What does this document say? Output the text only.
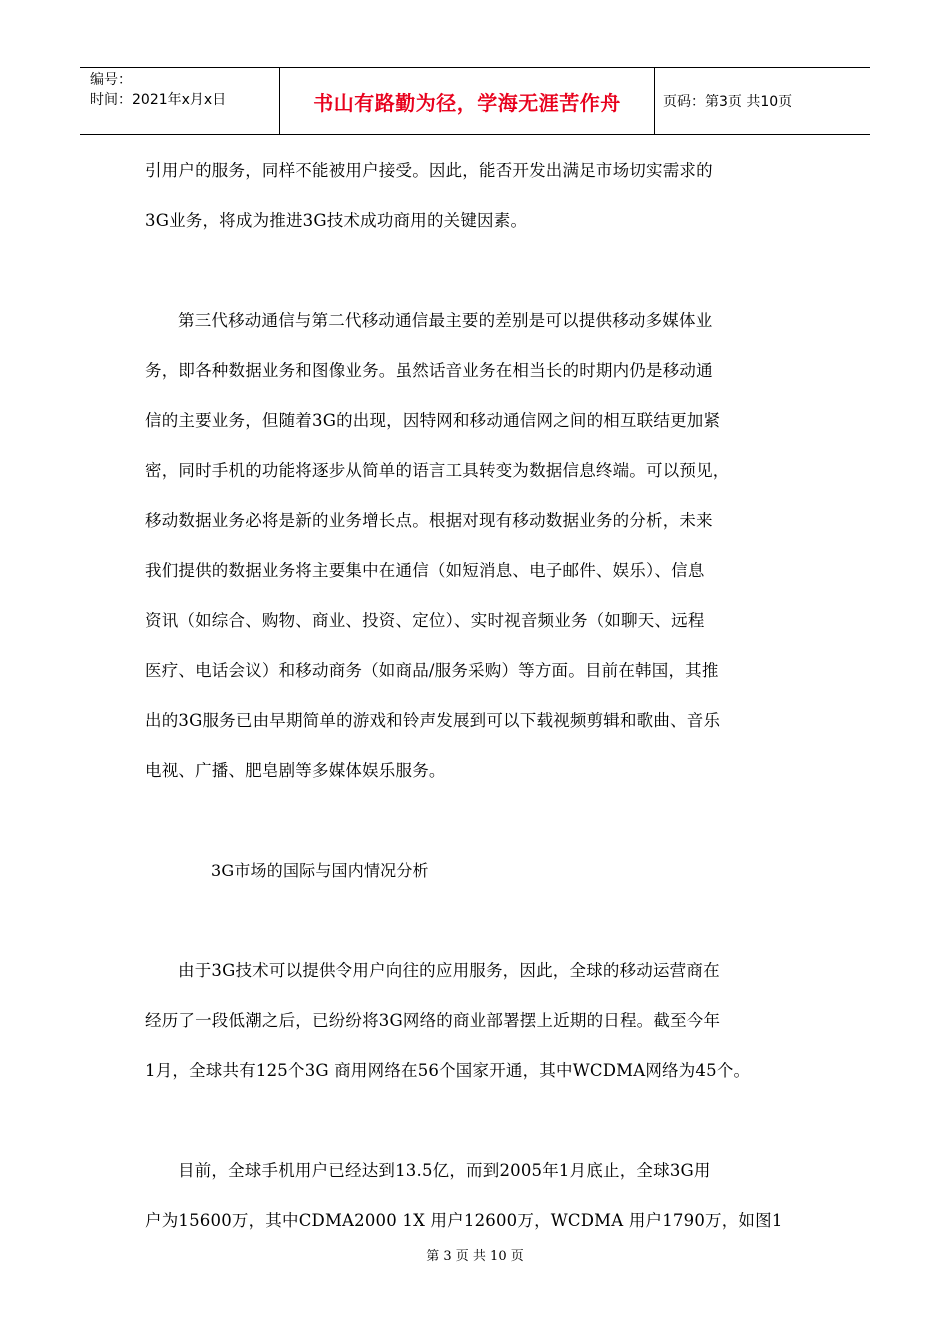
编号：
时间：2021年x月x日	书山有路勤为径，学海无涯苦作舟	页码：第3页 共10页

引用户的服务，同样不能被用户接受。因此，能否开发出满足市场切实需求的

3G业务，将成为推进3G技术成功商用的关键因素。

第三代移动通信与第二代移动通信最主要的差别是可以提供移动多媒体业

务，即各种数据业务和图像业务。虽然话音业务在相当长的时期内仍是移动通

信的主要业务，但随着3G的出现，因特网和移动通信网之间的相互联结更加紧

密，同时手机的功能将逐步从简单的语言工具转变为数据信息终端。可以预见，

移动数据业务必将是新的业务增长点。根据对现有移动数据业务的分析，未来

我们提供的数据业务将主要集中在通信（如短消息、电子邮件、娱乐）、信息

资讯（如综合、购物、商业、投资、定位）、实时视音频业务（如聊天、远程

医疗、电话会议）和移动商务（如商品/服务采购）等方面。目前在韩国，其推

出的3G服务已由早期简单的游戏和铃声发展到可以下载视频剪辑和歌曲、音乐

电视、广播、肥皂剧等多媒体娱乐服务。

3G市场的国际与国内情况分析

由于3G技术可以提供令用户向往的应用服务，因此，全球的移动运营商在

经历了一段低潮之后，已纷纷将3G网络的商业部署摆上近期的日程。截至今年

1月，全球共有125个3G 商用网络在56个国家开通，其中WCDMA网络为45个。

目前，全球手机用户已经达到13.5亿，而到2005年1月底止，全球3G用

户为15600万，其中CDMA2000 1X 用户12600万，WCDMA 用户1790万，如图1

第 3 页 共 10 页
